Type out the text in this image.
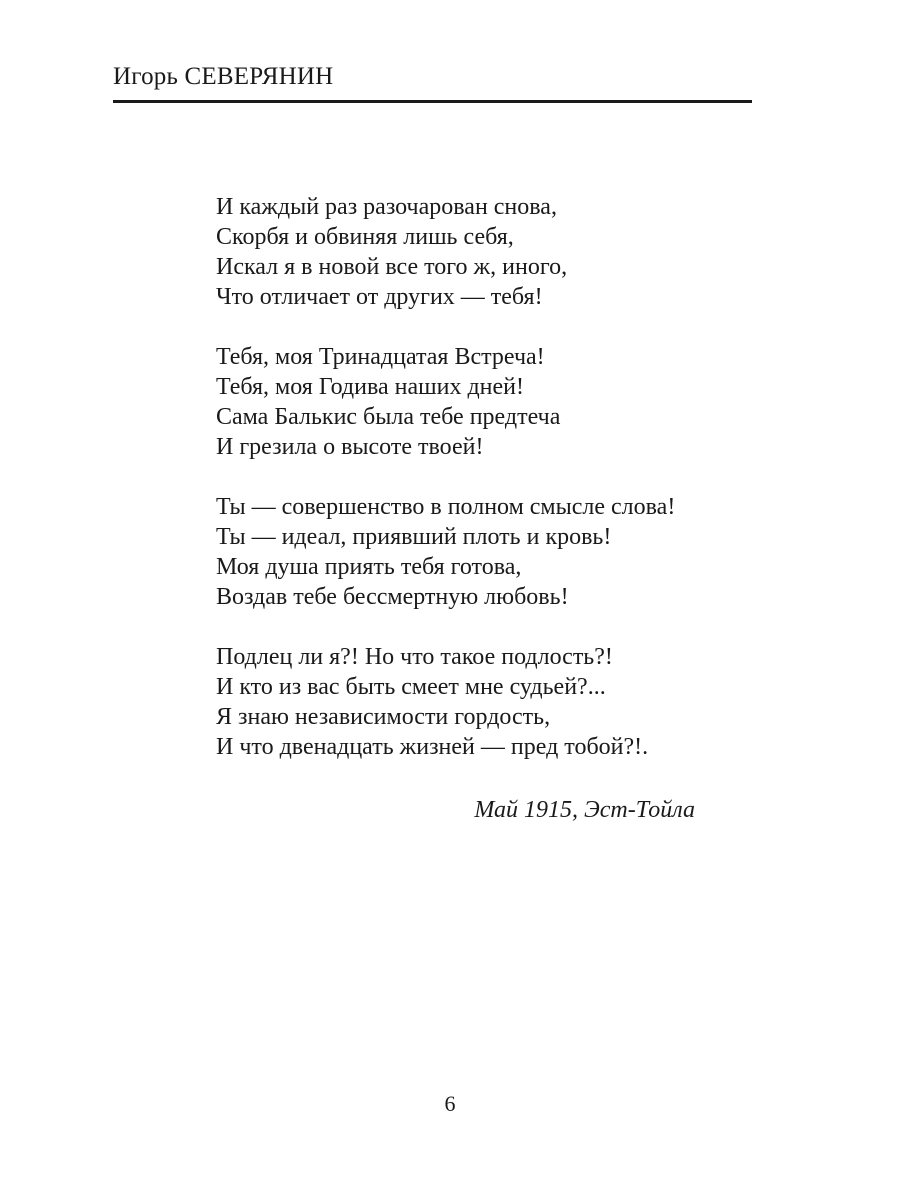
Игорь СЕВЕРЯНИН
И каждый раз разочарован снова,
Скорбя и обвиняя лишь себя,
Искал я в новой все того ж, иного,
Что отличает от других — тебя!
Тебя, моя Тринадцатая Встреча!
Тебя, моя Годива наших дней!
Сама Балькис была тебе предтеча
И грезила о высоте твоей!
Ты — совершенство в полном смысле слова!
Ты — идеал, приявший плоть и кровь!
Моя душа приять тебя готова,
Воздав тебе бессмертную любовь!
Подлец ли я?! Но что такое подлость?!
И кто из вас быть смеет мне судьей?...
Я знаю независимости гордость,
И что двенадцать жизней — пред тобой?!.
Май 1915, Эст-Тойла
6
